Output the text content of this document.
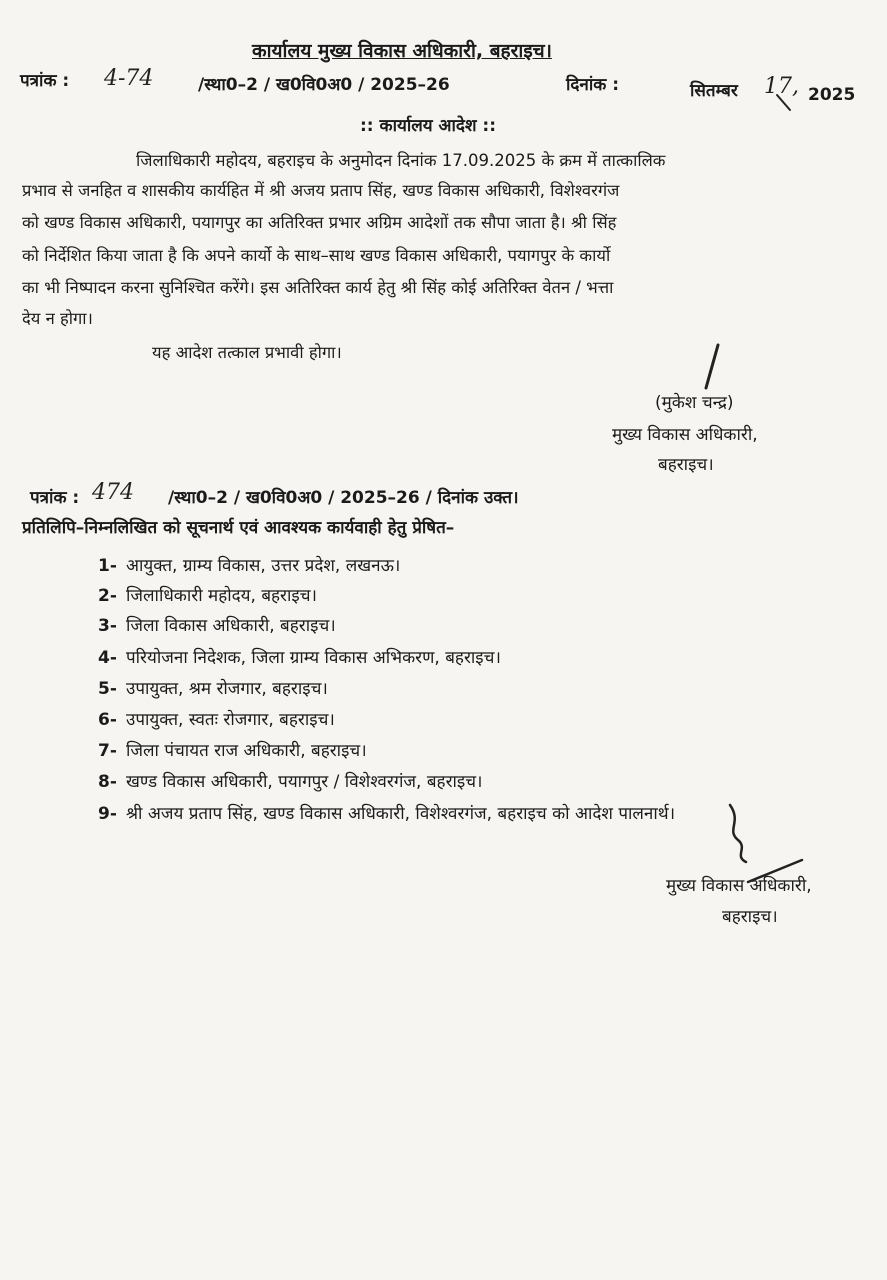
कार्यालय मुख्य विकास अधिकारी, बहराइच।
पत्रांक : 4-74	/स्था0–2 / ख0वि0अ0 / 2025–26	दिनांक :	सितम्बर 17, 2025
:: कार्यालय आदेश ::
जिलाधिकारी महोदय, बहराइच के अनुमोदन दिनांक 17.09.2025 के क्रम में तात्कालिक
प्रभाव से जनहित व शासकीय कार्यहित में श्री अजय प्रताप सिंह, खण्ड विकास अधिकारी, विशेश्वरगंज
को खण्ड विकास अधिकारी, पयागपुर का अतिरिक्त प्रभार अग्रिम आदेशों तक सौपा जाता है। श्री सिंह
को निर्देशित किया जाता है कि अपने कार्यो के साथ–साथ खण्ड विकास अधिकारी, पयागपुर के कार्यो
का भी निष्पादन करना सुनिश्चित करेंगे। इस अतिरिक्त कार्य हेतु श्री सिंह कोई अतिरिक्त वेतन / भत्ता
देय न होगा।
यह आदेश तत्काल प्रभावी होगा।
(मुकेश चन्द्र)
मुख्य विकास अधिकारी,
बहराइच।
पत्रांक : 474 /स्था0–2 / ख0वि0अ0 / 2025–26 / दिनांक उक्त।
प्रतिलिपि–निम्नलिखित को सूचनार्थ एवं आवश्यक कार्यवाही हेतु प्रेषित–
1- आयुक्त, ग्राम्य विकास, उत्तर प्रदेश, लखनऊ।
2- जिलाधिकारी महोदय, बहराइच।
3- जिला विकास अधिकारी, बहराइच।
4- परियोजना निदेशक, जिला ग्राम्य विकास अभिकरण, बहराइच।
5- उपायुक्त, श्रम रोजगार, बहराइच।
6- उपायुक्त, स्वतः रोजगार, बहराइच।
7- जिला पंचायत राज अधिकारी, बहराइच।
8- खण्ड विकास अधिकारी, पयागपुर / विशेश्वरगंज, बहराइच।
9- श्री अजय प्रताप सिंह, खण्ड विकास अधिकारी, विशेश्वरगंज, बहराइच को आदेश पालनार्थ।
मुख्य विकास अधिकारी,
बहराइच।
